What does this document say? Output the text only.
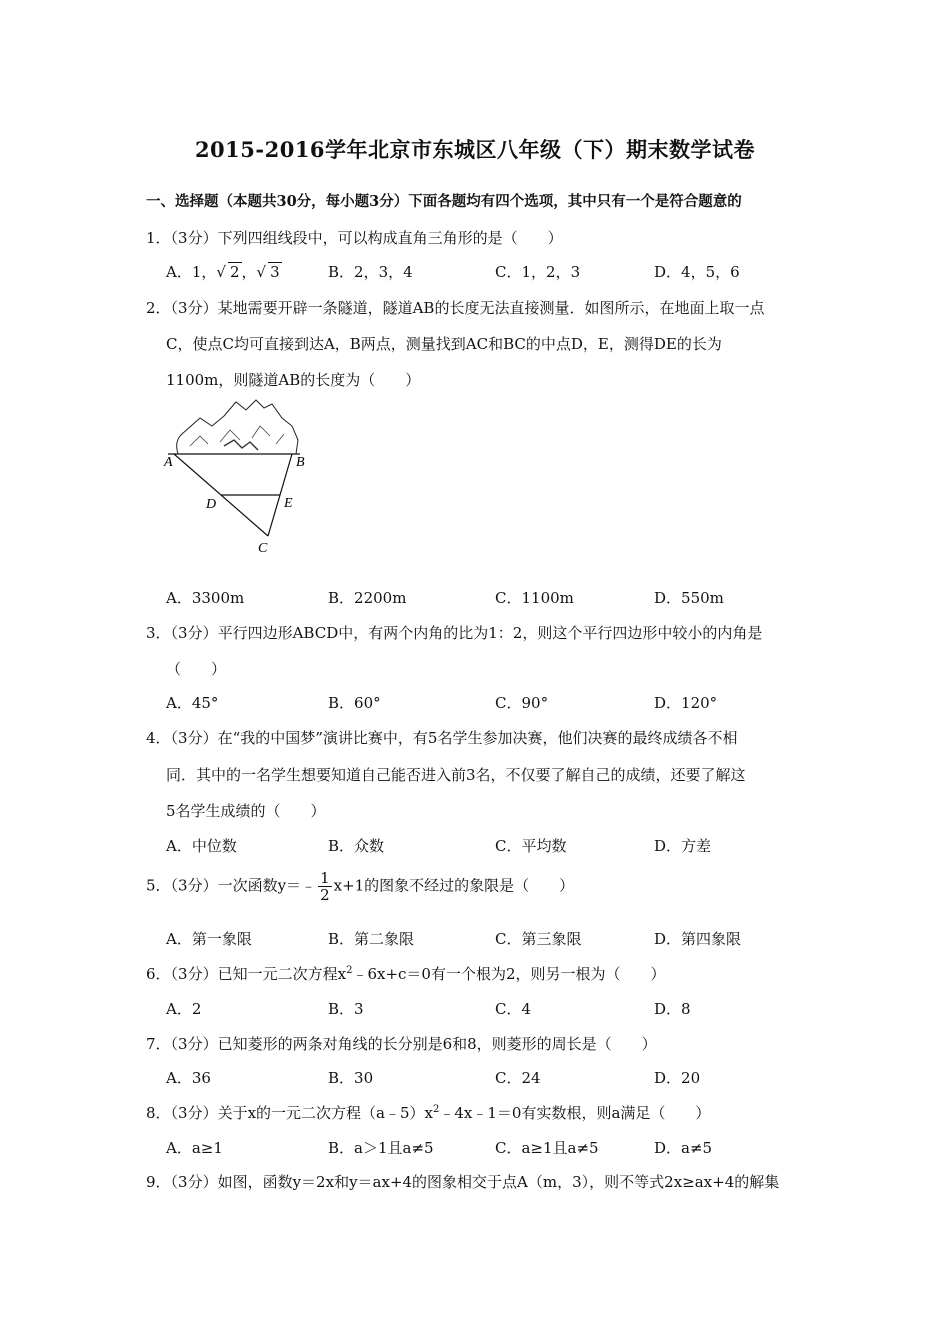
2015-2016学年北京市东城区八年级（下）期末数学试卷
一、选择题（本题共30分，每小题3分）下面各题均有四个选项，其中只有一个是符合题意的
1．（3分）下列四组线段中，可以构成直角三角形的是（　　）
A．1，√ 2 ，√ 3	B．2，3，4	C．1，2，3	D．4，5，6
2．（3分）某地需要开辟一条隧道，隧道AB的长度无法直接测量．如图所示，在地面上取一点
C，使点C均可直接到达A，B两点，测量找到AC和BC的中点D，E，测得DE的长为
1100m，则隧道AB的长度为（　　）
A	B
D	E
C
A．3300m	B．2200m	C．1100m	D．550m
3．（3分）平行四边形ABCD中，有两个内角的比为1：2，则这个平行四边形中较小的内角是
（　　）
A．45°	B．60°	C．90°	D．120°
4．（3分）在“我的中国梦”演讲比赛中，有5名学生参加决赛，他们决赛的最终成绩各不相
同．其中的一名学生想要知道自己能否进入前3名，不仅要了解自己的成绩，还要了解这
5名学生成绩的（　　）
A．中位数	B．众数	C．平均数	D．方差
5．（3分）一次函数y＝﹣ $\frac{1}{2} x+1$的图象不经过的象限是（　　）
A．第一象限	B．第二象限	C．第三象限	D．第四象限
6．（3分）已知一元二次方程$x^2﹣6x+c=0$有一个根为2，则另一根为（　　）
A．2	B．3	C．4	D．8
7．（3分）已知菱形的两条对角线的长分别是6和8，则菱形的周长是（　　）
A．36	B．30	C．24	D．20
8．（3分）关于x的一元二次方程$(a﹣5)x^2﹣4x﹣1=0$有实数根，则a满足（　　）
A．a≥1	B．a＞1且a≠5	C．a≥1且a≠5	D．a≠5
9．（3分）如图，函数y＝2x和y＝ax+4的图象相交于点A（m，3），则不等式2x≥ax+4的解集
